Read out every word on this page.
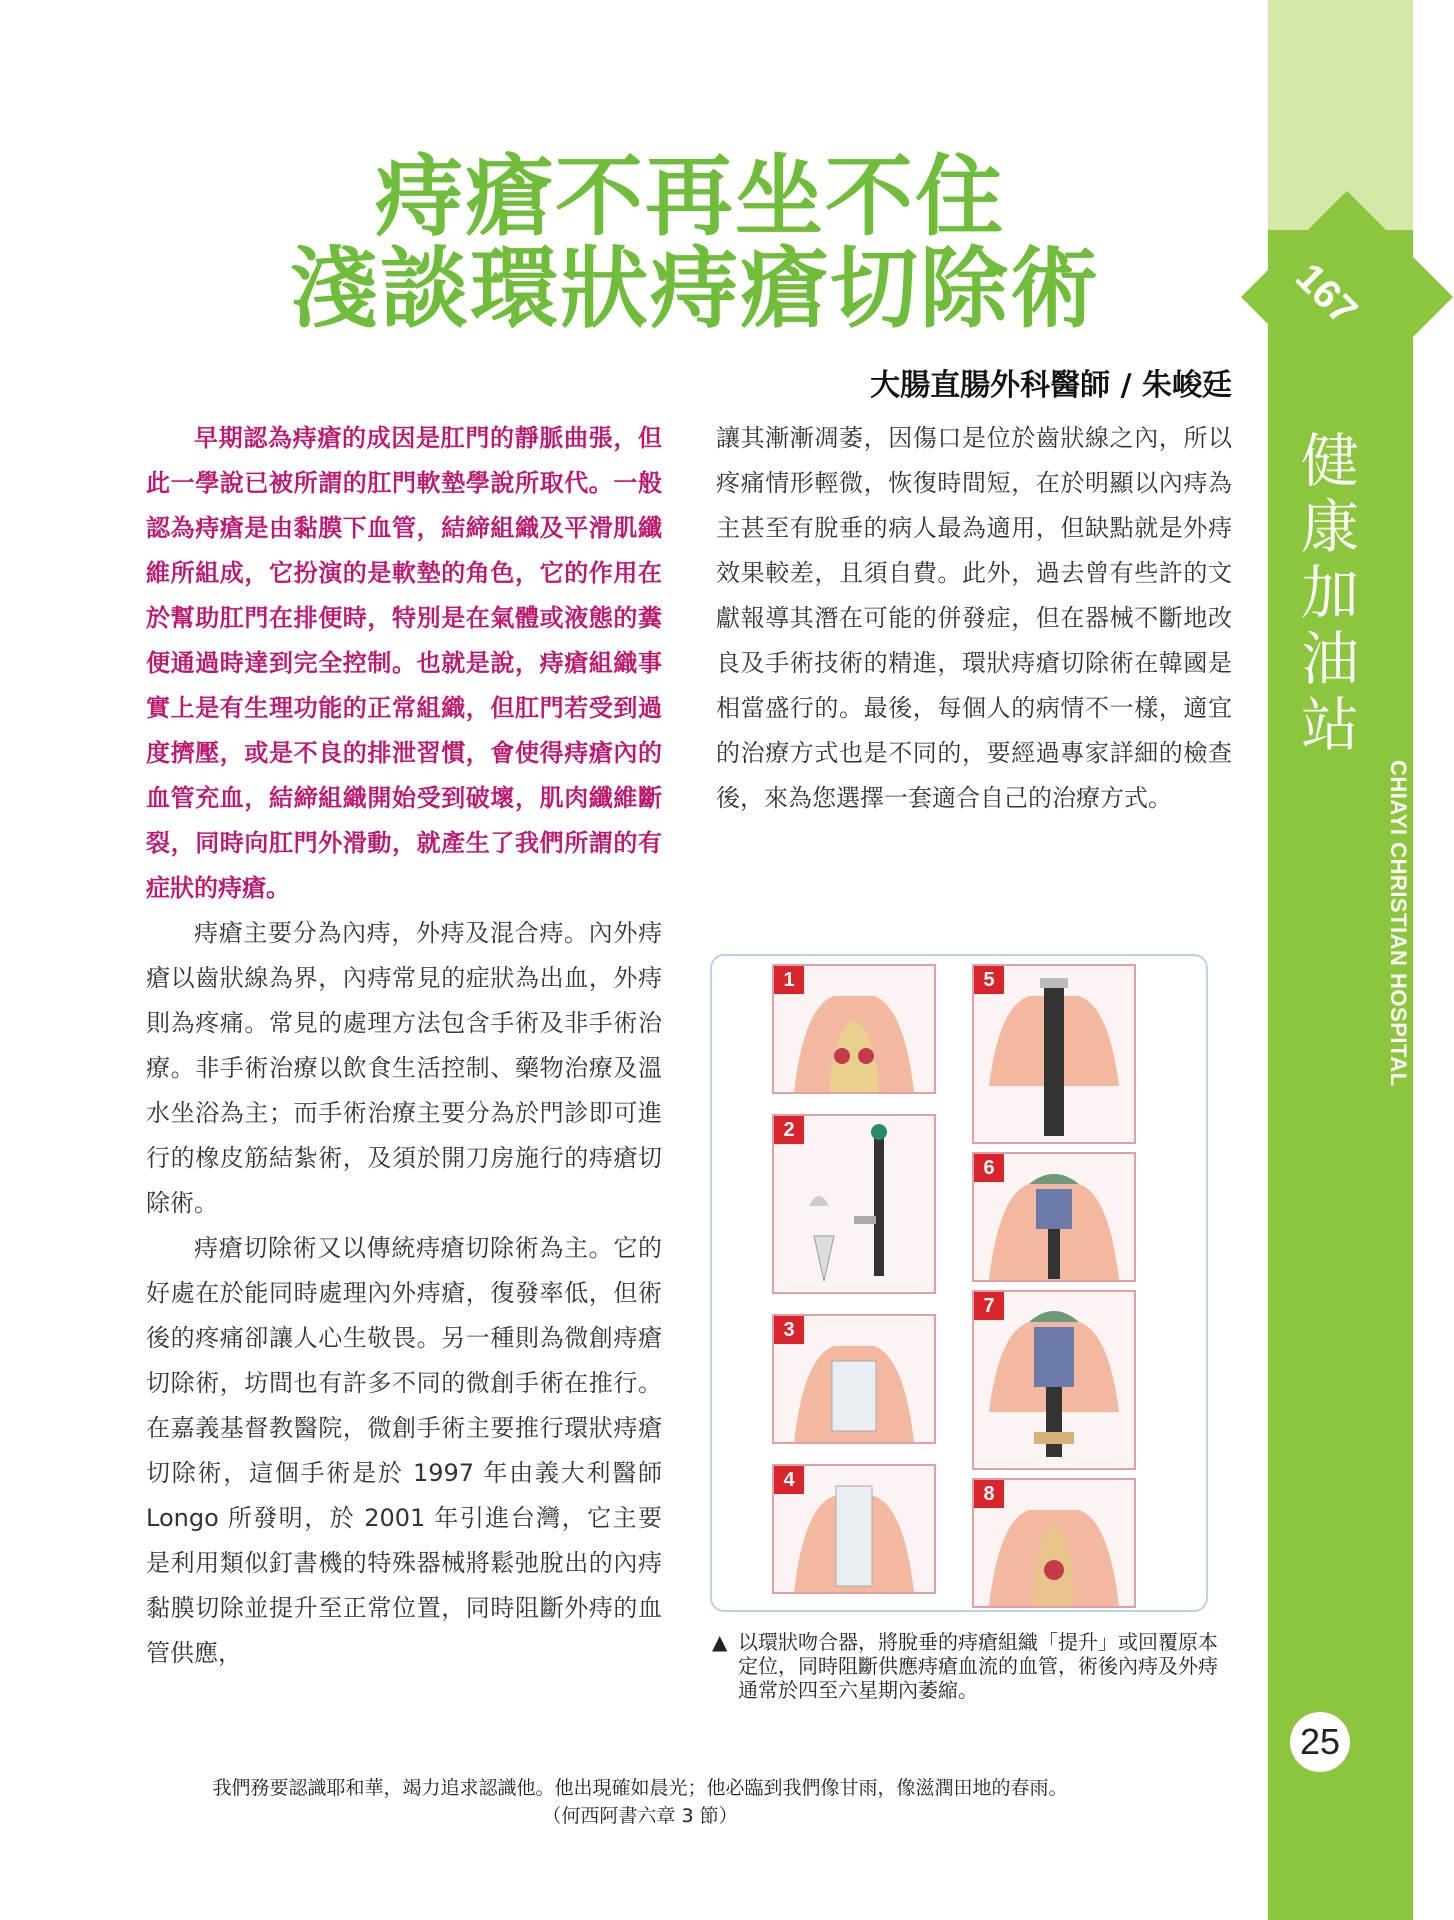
167
健康加油站
2016.5
CHIAYI CHRISTIAN HOSPITAL
25
痔瘡不再坐不住
淺談環狀痔瘡切除術
大腸直腸外科醫師 / 朱峻廷

早期認為痔瘡的成因是肛門的靜脈曲張，但此一學說已被所謂的肛門軟墊學說所取代。一般認為痔瘡是由黏膜下血管，結締組織及平滑肌纖維所組成，它扮演的是軟墊的角色，它的作用在於幫助肛門在排便時，特別是在氣體或液態的糞便通過時達到完全控制。也就是說，痔瘡組織事實上是有生理功能的正常組織，但肛門若受到過度擠壓，或是不良的排泄習慣，會使得痔瘡內的血管充血，結締組織開始受到破壞，肌肉纖維斷裂，同時向肛門外滑動，就產生了我們所謂的有症狀的痔瘡。

痔瘡主要分為內痔，外痔及混合痔。內外痔瘡以齒狀線為界，內痔常見的症狀為出血，外痔則為疼痛。常見的處理方法包含手術及非手術治療。非手術治療以飲食生活控制、藥物治療及溫水坐浴為主；而手術治療主要分為於門診即可進行的橡皮筋結紮術，及須於開刀房施行的痔瘡切除術。

痔瘡切除術又以傳統痔瘡切除術為主。它的好處在於能同時處理內外痔瘡，復發率低，但術後的疼痛卻讓人心生敬畏。另一種則為微創痔瘡切除術，坊間也有許多不同的微創手術在推行。在嘉義基督教醫院，微創手術主要推行環狀痔瘡切除術，這個手術是於 1997 年由義大利醫師 Longo 所發明，於 2001 年引進台灣，它主要是利用類似釘書機的特殊器械將鬆弛脫出的內痔黏膜切除並提升至正常位置，同時阻斷外痔的血管供應，

讓其漸漸凋萎，因傷口是位於齒狀線之內，所以疼痛情形輕微，恢復時間短，在於明顯以內痔為主甚至有脫垂的病人最為適用，但缺點就是外痔效果較差，且須自費。此外，過去曾有些許的文獻報導其潛在可能的併發症，但在器械不斷地改良及手術技術的精進，環狀痔瘡切除術在韓國是相當盛行的。最後，每個人的病情不一樣，適宜的治療方式也是不同的，要經過專家詳細的檢查後，來為您選擇一套適合自己的治療方式。

1
2
3
4
5
6
7
8
▲ 以環狀吻合器，將脫垂的痔瘡組織「提升」或回覆原本定位，同時阻斷供應痔瘡血流的血管，術後內痔及外痔通常於四至六星期內萎縮。
我們務要認識耶和華，竭力追求認識他。他出現確如晨光；他必臨到我們像甘雨，像滋潤田地的春雨。
（何西阿書六章 3 節）
